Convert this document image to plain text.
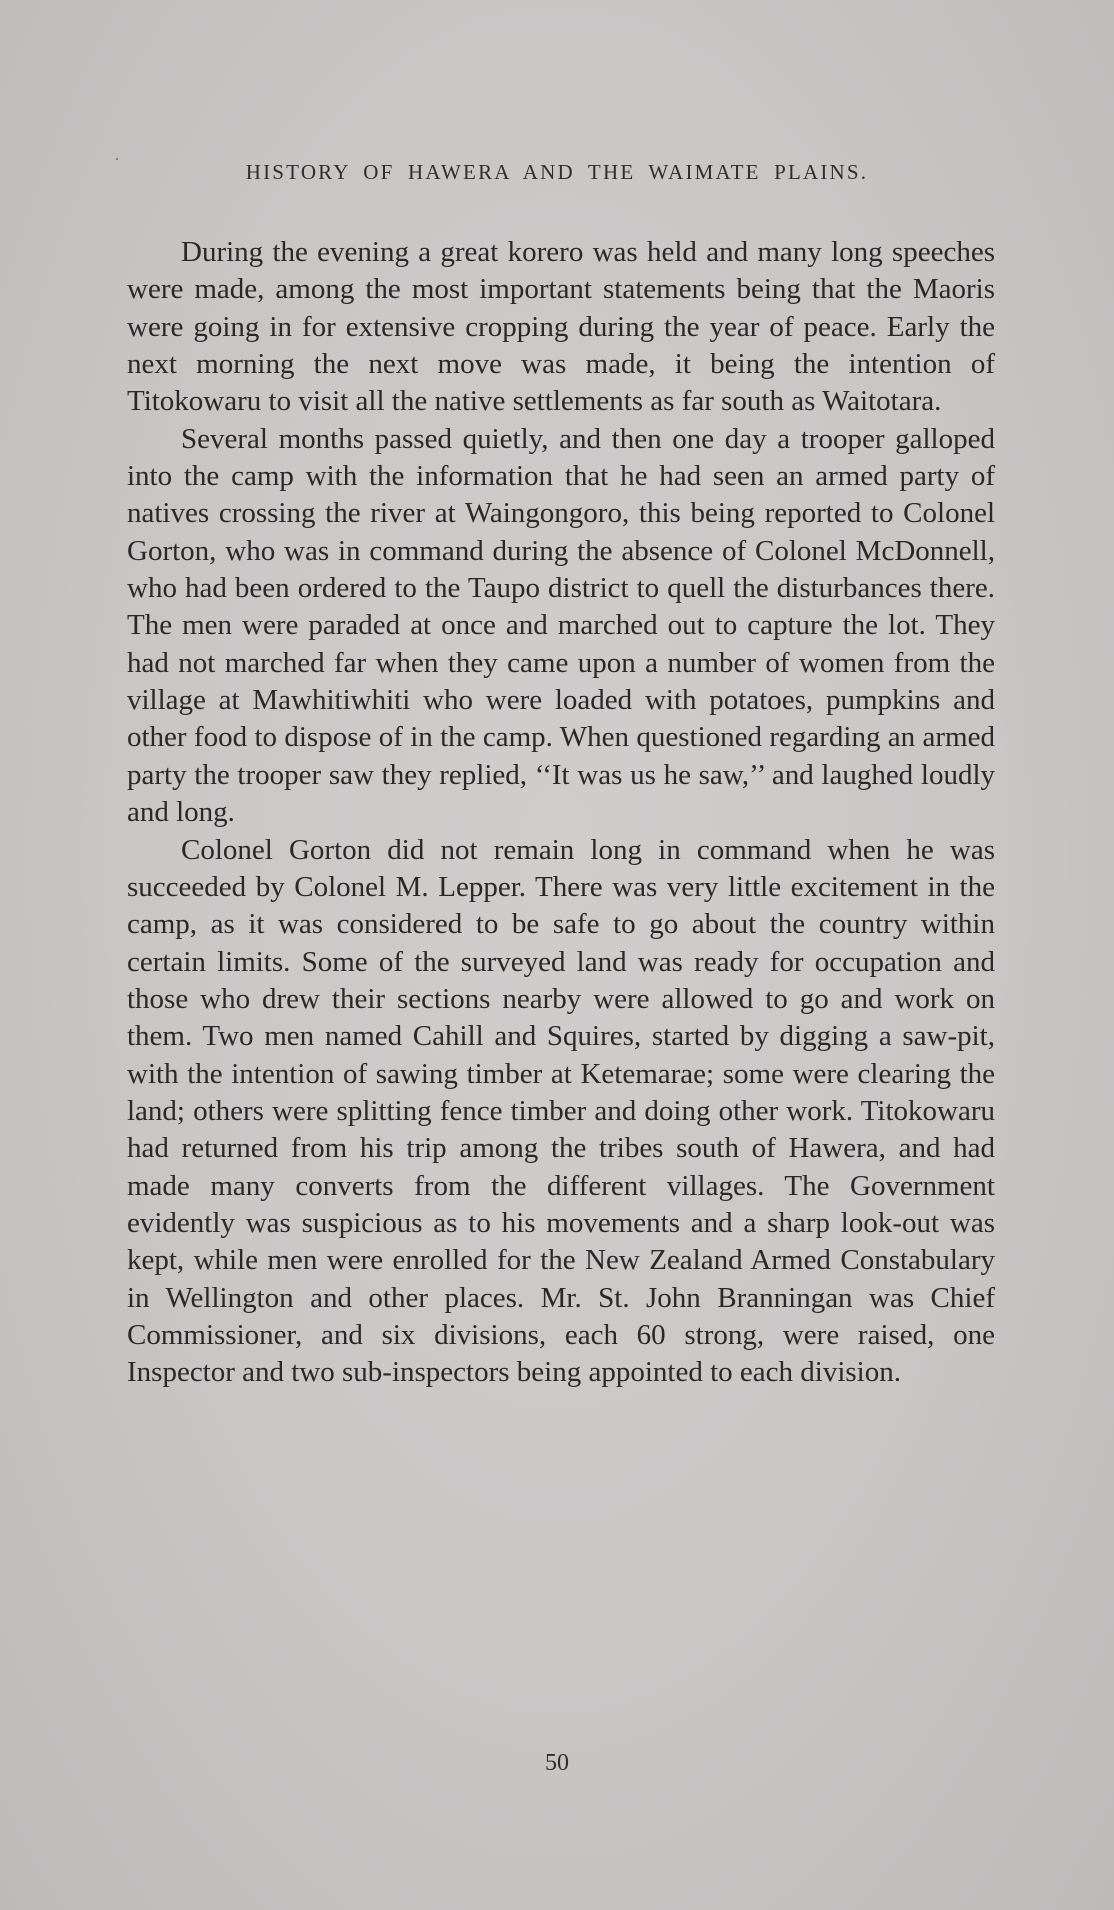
HISTORY OF HAWERA AND THE WAIMATE PLAINS.

During the evening a great korero was held and many long speeches were made, among the most important statements being that the Maoris were going in for extensive cropping during the year of peace. Early the next morning the next move was made, it being the intention of Titokowaru to visit all the native settlements as far south as Waitotara.

Several months passed quietly, and then one day a trooper galloped into the camp with the information that he had seen an armed party of natives crossing the river at Waingongoro, this being reported to Colonel Gorton, who was in command during the absence of Colonel McDonnell, who had been ordered to the Taupo district to quell the disturbances there. The men were paraded at once and marched out to capture the lot. They had not marched far when they came upon a number of women from the village at Mawhitiwhiti who were loaded with potatoes, pumpkins and other food to dispose of in the camp. When questioned regarding an armed party the trooper saw they replied, ‘‘It was us he saw,’’ and laughed loudly and long.

Colonel Gorton did not remain long in command when he was succeeded by Colonel M. Lepper. There was very little excitement in the camp, as it was considered to be safe to go about the country within certain limits. Some of the surveyed land was ready for occupation and those who drew their sections nearby were allowed to go and work on them. Two men named Cahill and Squires, started by digging a saw-pit, with the intention of sawing timber at Ketemarae; some were clearing the land; others were splitting fence timber and doing other work. Titokowaru had returned from his trip among the tribes south of Hawera, and had made many converts from the different villages. The Government evidently was suspicious as to his movements and a sharp look-out was kept, while men were enrolled for the New Zealand Armed Constabulary in Wellington and other places. Mr. St. John Branningan was Chief Commissioner, and six divisions, each 60 strong, were raised, one Inspector and two sub-inspectors being appointed to each division.

50
